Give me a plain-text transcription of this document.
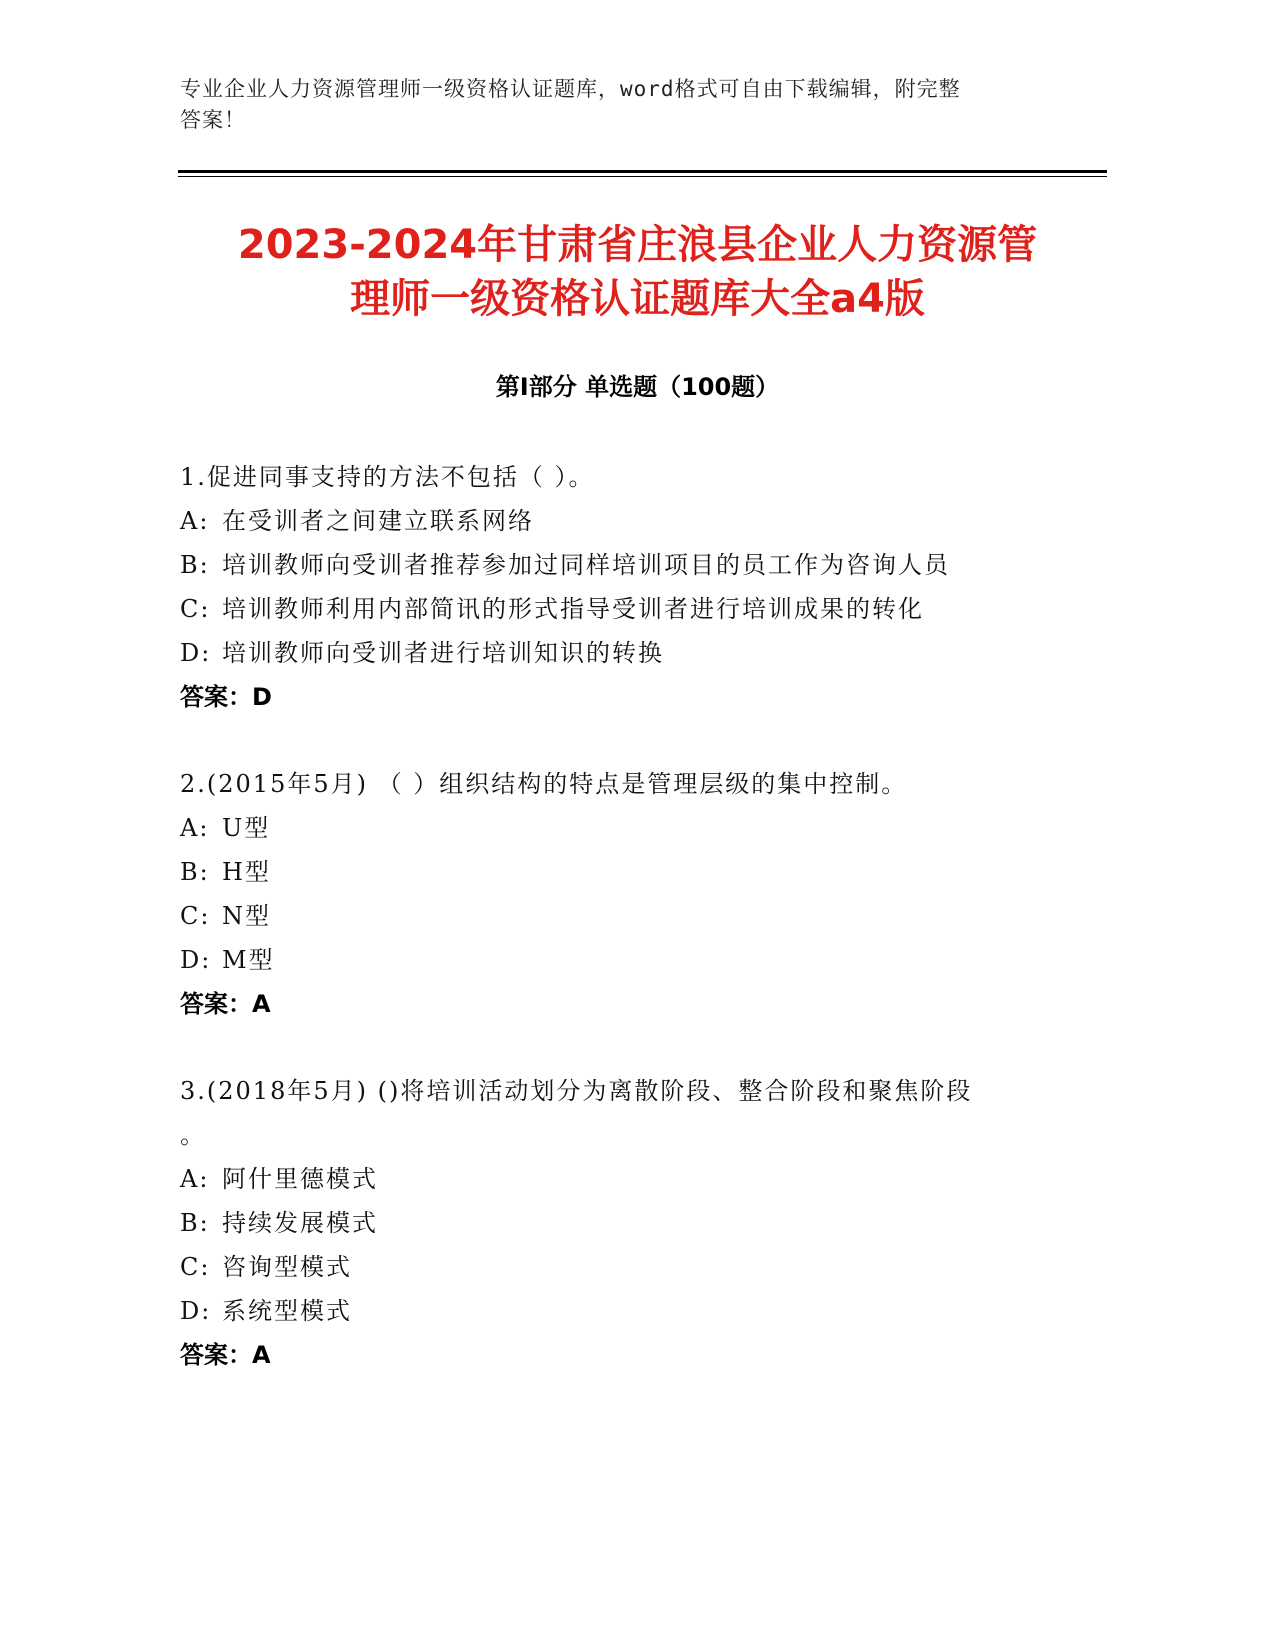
专业企业人力资源管理师一级资格认证题库，word格式可自由下载编辑，附完整
答案！
2023-2024年甘肃省庄浪县企业人力资源管
理师一级资格认证题库大全a4版
第I部分 单选题（100题）
1.促进同事支持的方法不包括（ ）。
A: 在受训者之间建立联系网络
B: 培训教师向受训者推荐参加过同样培训项目的员工作为咨询人员
C: 培训教师利用内部简讯的形式指导受训者进行培训成果的转化
D: 培训教师向受训者进行培训知识的转换
答案：D
2.(2015年5月) （ ）组织结构的特点是管理层级的集中控制。
A: U型
B: H型
C: N型
D: M型
答案：A
3.(2018年5月) ()将培训活动划分为离散阶段、整合阶段和聚焦阶段
。
A: 阿什里德模式
B: 持续发展模式
C: 咨询型模式
D: 系统型模式
答案：A
